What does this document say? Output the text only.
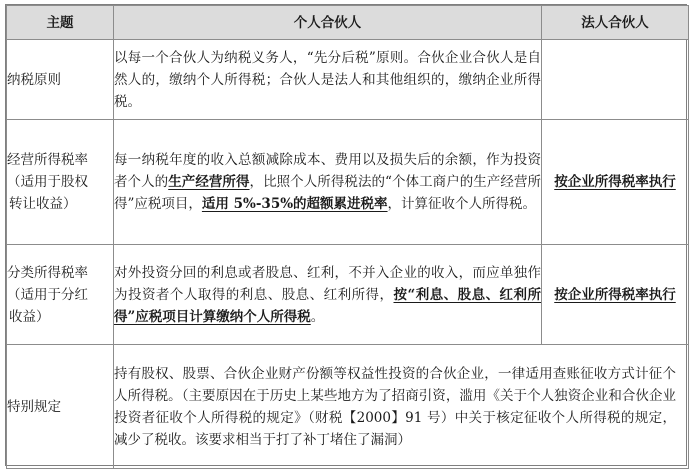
主题	个人合伙人	法人合伙人
纳税原则	以每一个合伙人为纳税义务人，“先分后税”原则。合伙企业合伙人是自然人的，缴纳个人所得税；合伙人是法人和其他组织的，缴纳企业所得税。	

经营所得税率
（适用于股权
转让收益）	每一纳税年度的收入总额减除成本、费用以及损失后的余额，作为投资者个人的生产经营所得，比照个人所得税法的“个体工商户的生产经营所得”应税项目，适用 5%-35%的超额累进税率，计算征收个人所得税。	按企业所得税率执行

分类所得税率
（适用于分红
收益）	对外投资分回的利息或者股息、红利，不并入企业的收入，而应单独作为投资者个人取得的利息、股息、红利所得，按“利息、股息、红利所得”应税项目计算缴纳个人所得税。	按企业所得税率执行
特别规定	持有股权、股票、合伙企业财产份额等权益性投资的合伙企业，一律适用查账征收方式计征个人所得税。（主要原因在于历史上某些地方为了招商引资，滥用《关于个人独资企业和合伙企业投资者征收个人所得税的规定》（财税【2000】91 号）中关于核定征收个人所得税的规定，减少了税收。该要求相当于打了补丁堵住了漏洞）	
